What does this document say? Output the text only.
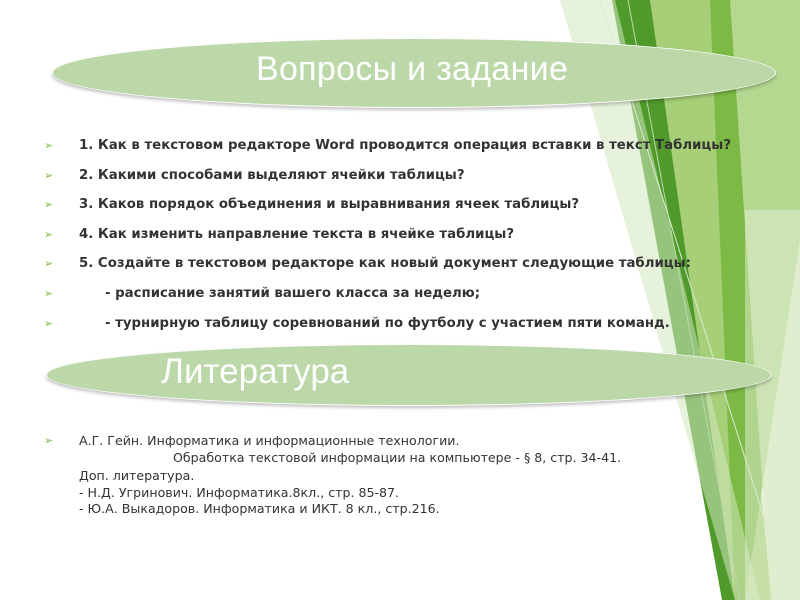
Вопросы и задание
➢ 1. Как в текстовом редакторе Word проводится операция вставки в текст Таблицы?
➢ 2. Какими способами выделяют ячейки таблицы?
➢ 3. Каков порядок объединения и выравнивания ячеек таблицы?
➢ 4. Как изменить направление текста в ячейке таблицы?
➢ 5. Создайте в текстовом редакторе как новый документ следующие таблицы:
➢	- расписание занятий вашего класса за неделю;
➢	- турнирную таблицу соревнований по футболу с участием пяти команд.
Литература
➢ А.Г. Гейн. Информатика и информационные технологии.
Обработка текстовой информации на компьютере - § 8, стр. 34-41.
Доп. литература.
- Н.Д. Угринович. Информатика.8кл., стр. 85-87.
- Ю.А. Выкадоров. Информатика и ИКТ. 8 кл., стр.216.
